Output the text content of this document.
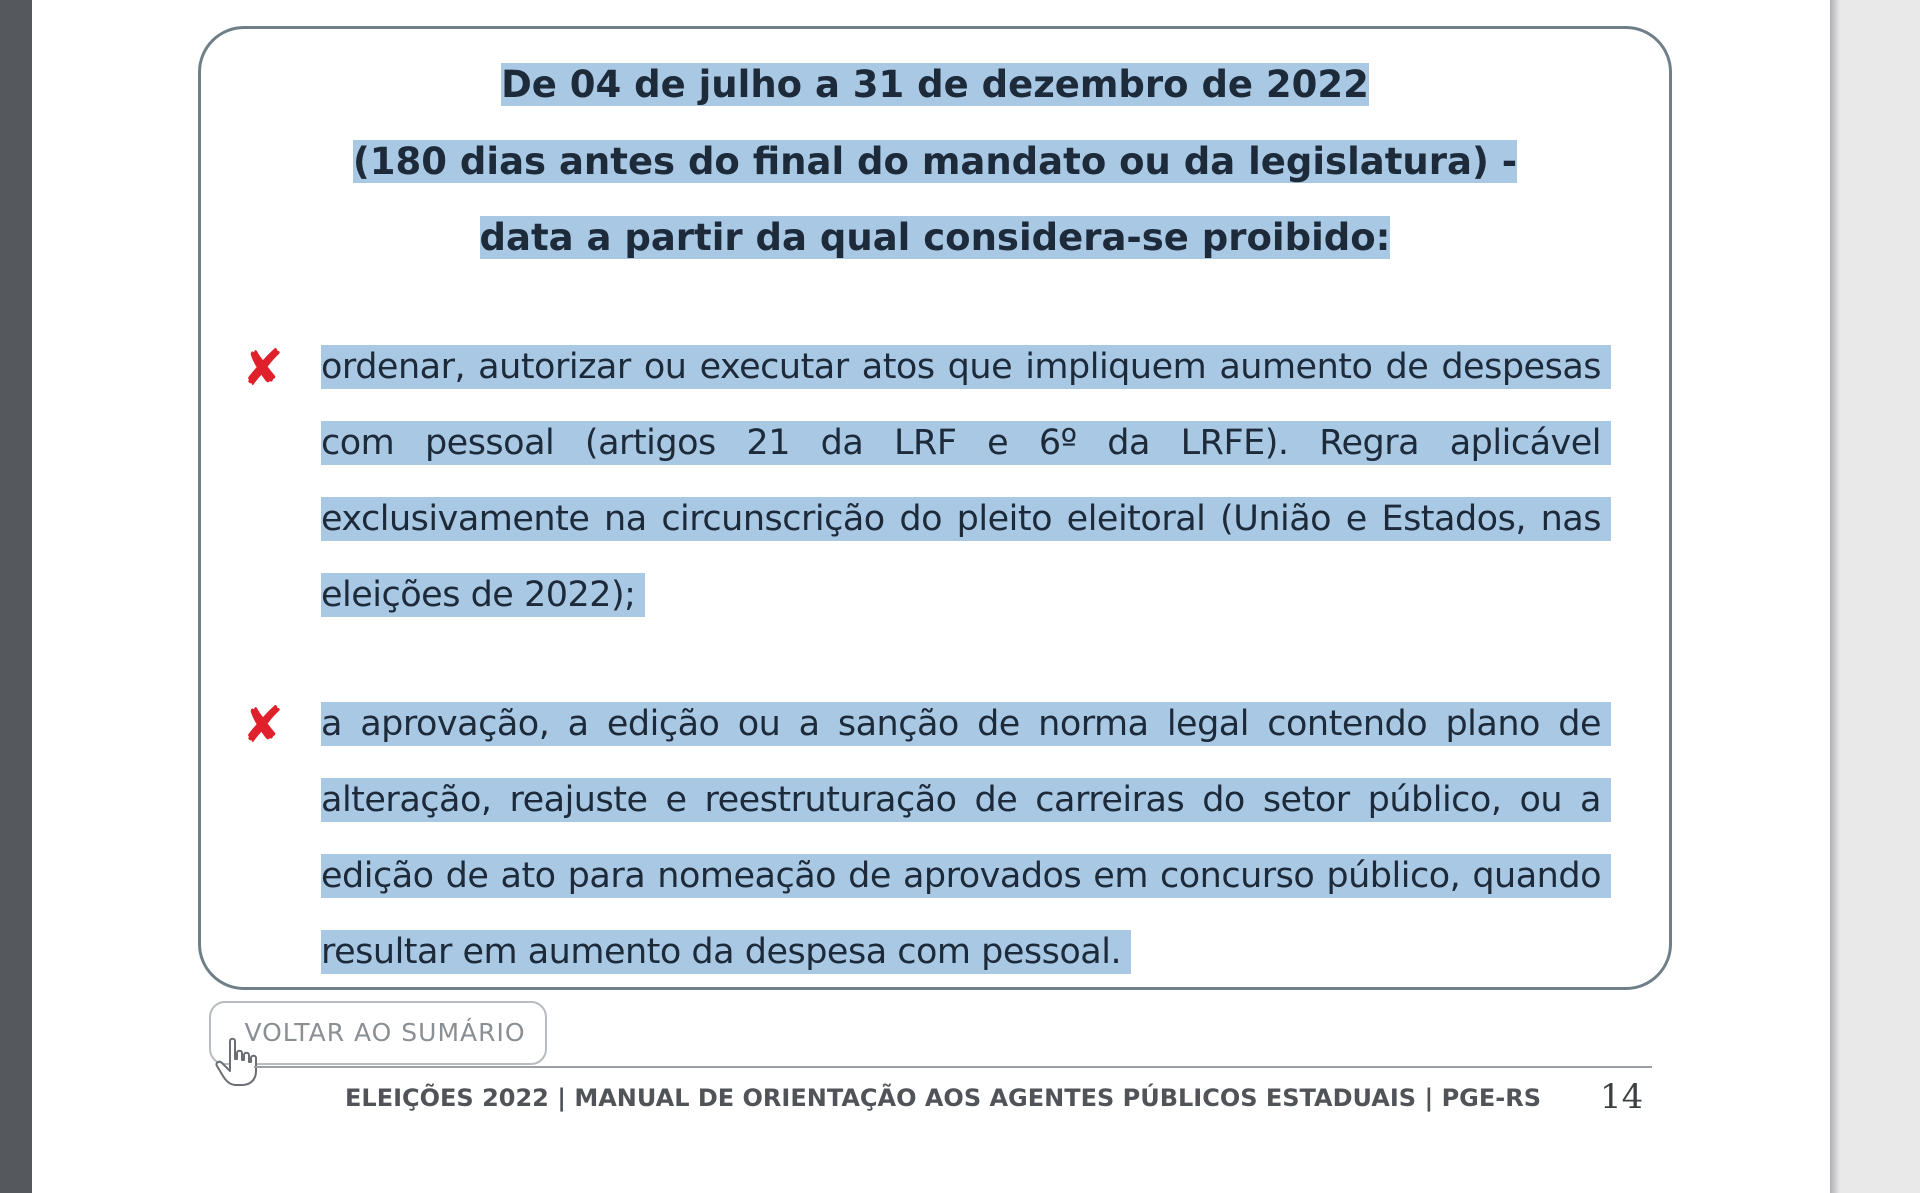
De 04 de julho a 31 de dezembro de 2022

(180 dias antes do final do mandato ou da legislatura) -

data a partir da qual considera-se proibido:

✘ ordenar, autorizar ou executar atos que impliquem aumento de despesas com pessoal (artigos 21 da LRF e 6º da LRFE). Regra aplicável exclusivamente na circunscrição do pleito eleitoral (União e Estados, nas eleições de 2022);

✘ a aprovação, a edição ou a sanção de norma legal contendo plano de alteração, reajuste e reestruturação de carreiras do setor público, ou a edição de ato para nomeação de aprovados em concurso público, quando resultar em aumento da despesa com pessoal.

VOLTAR AO SUMÁRIO
ELEIÇÕES 2022 | MANUAL DE ORIENTAÇÃO AOS AGENTES PÚBLICOS ESTADUAIS | PGE-RS 14
